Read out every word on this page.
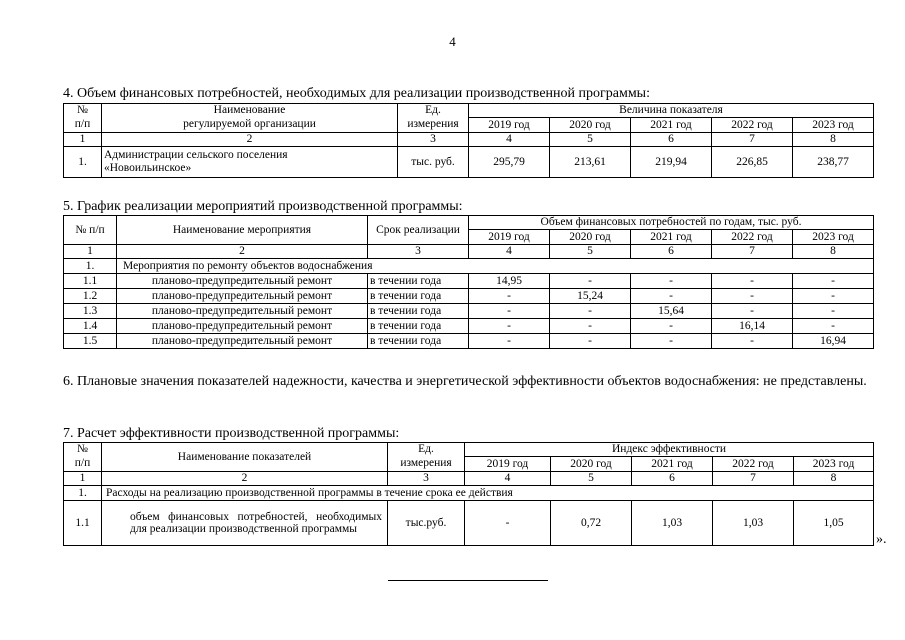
4
4. Объем финансовых потребностей, необходимых для реализации производственной программы:
№	Наименование	Ед.	Величина показателя				
п/п	регулируемой организации	измерения	2019 год	2020 год	2021 год	2022 год	2023 год
1	2	3	4	5	6	7	8
1.	Администрации сельского поселения
«Новоильинское»	тыс. руб.	295,79	213,61	219,94	226,85	238,77
5. График реализации мероприятий производственной программы:
№ п/п	Наименование мероприятия	Срок реализации	Объем финансовых потребностей по годам, тыс. руб.				
			2019 год	2020 год	2021 год	2022 год	2023 год
1	2	3	4	5	6	7	8
1.	Мероприятия по ремонту объектов водоснабжения						
1.1	планово-предупредительный ремонт	в течении года	14,95	-	-	-	-
1.2	планово-предупредительный ремонт	в течении года	-	15,24	-	-	-
1.3	планово-предупредительный ремонт	в течении года	-	-	15,64	-	-
1.4	планово-предупредительный ремонт	в течении года	-	-	-	16,14	-
1.5	планово-предупредительный ремонт	в течении года	-	-	-	-	16,94
6. Плановые значения показателей надежности, качества и энергетической эффективности объектов водоснабжения: не представлены.
7. Расчет эффективности производственной программы:
№	Наименование показателей	Ед.	Индекс эффективности				
п/п		измерения	2019 год	2020 год	2021 год	2022 год	2023 год
1	2	3	4	5	6	7	8
1.	Расходы на реализацию производственной программы в течение срока ее действия						
1.1	объем финансовых потребностей, необходимых для реализации производственной программы	тыс.руб.	-	0,72	1,03	1,03	1,05
».
